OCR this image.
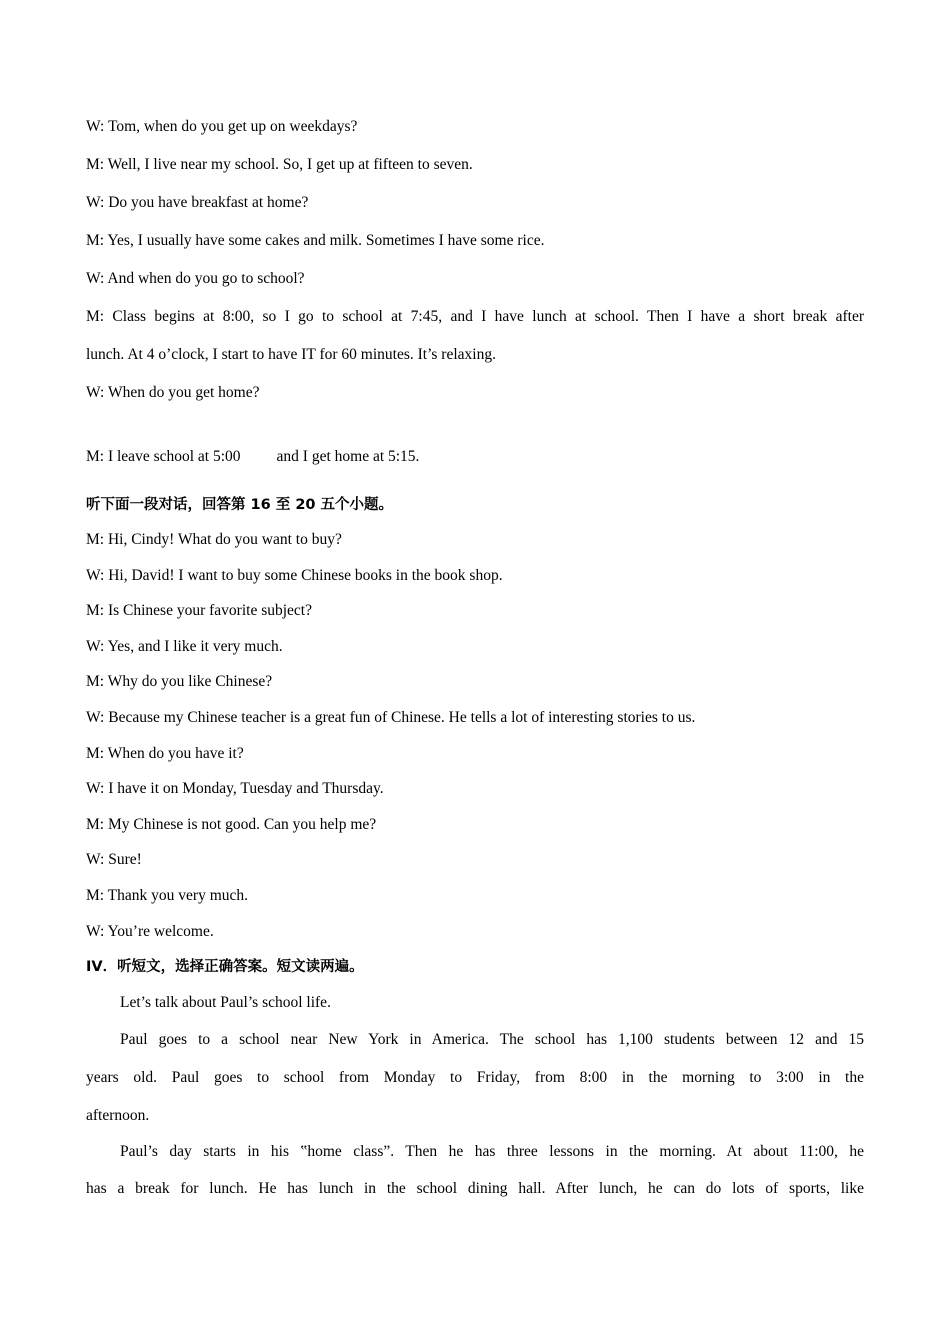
W: Tom, when do you get up on weekdays?
M: Well, I live near my school. So, I get up at fifteen to seven.
W: Do you have breakfast at home?
M: Yes, I usually have some cakes and milk. Sometimes I have some rice.
W: And when do you go to school?
M: Class begins at 8:00, so I go to school at 7:45, and I have lunch at school. Then I have a short break after
lunch. At 4 o’clock, I start to have IT for 60 minutes. It’s relaxing.
W: When do you get home?
M: I leave school at 5:00 and I get home at 5:15.
听下面一段对话，回答第 16 至 20 五个小题。
M: Hi, Cindy! What do you want to buy?
W: Hi, David! I want to buy some Chinese books in the book shop.
M: Is Chinese your favorite subject?
W: Yes, and I like it very much.
M: Why do you like Chinese?
W: Because my Chinese teacher is a great fun of Chinese. He tells a lot of interesting stories to us.
M: When do you have it?
W: I have it on Monday, Tuesday and Thursday.
M: My Chinese is not good. Can you help me?
W: Sure!
M: Thank you very much.
W: You’re welcome.
IV．听短文，选择正确答案。短文读两遍。
Let’s talk about Paul’s school life.
Paul goes to a school near New York in America. The school has 1,100 students between 12 and 15
years old. Paul goes to school from Monday to Friday, from 8:00 in the morning to 3:00 in the
afternoon.
Paul’s day starts in his ‟home class”. Then he has three lessons in the morning. At about 11:00, he
has a break for lunch. He has lunch in the school dining hall. After lunch, he can do lots of sports, like
